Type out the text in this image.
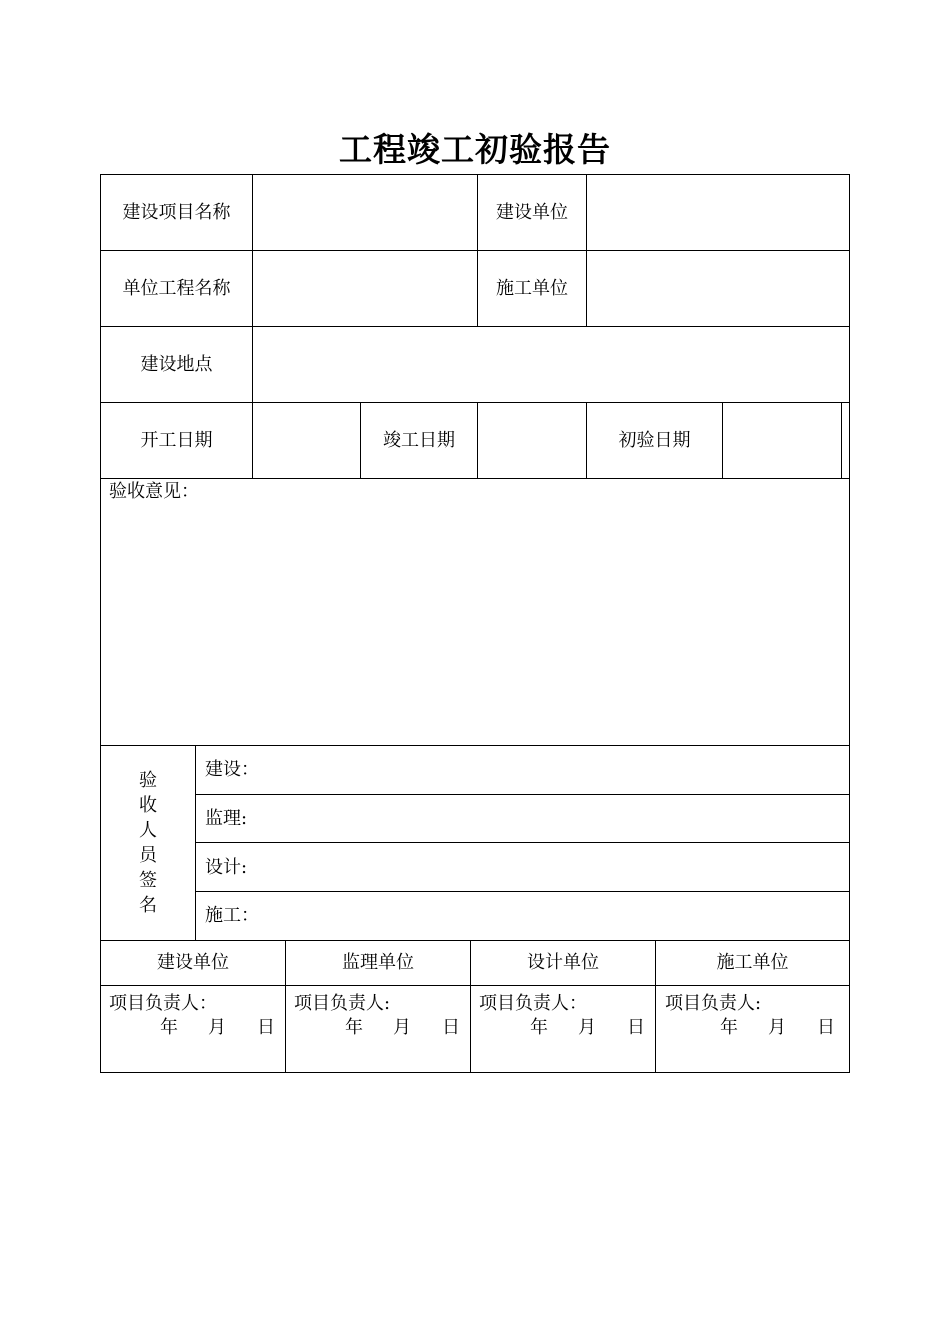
工程竣工初验报告
建设项目名称	建设单位
单位工程名称	施工单位
建设地点
开工日期	竣工日期	初验日期
验收意见：
验
收
人
员
签
名
建设：
监理:
设计:
施工：
建设单位	监理单位	设计单位	施工单位
项目负责人：
年 月 日
项目负责人:
年 月 日
项目负责人：
年 月 日
项目负责人:
年 月 日
